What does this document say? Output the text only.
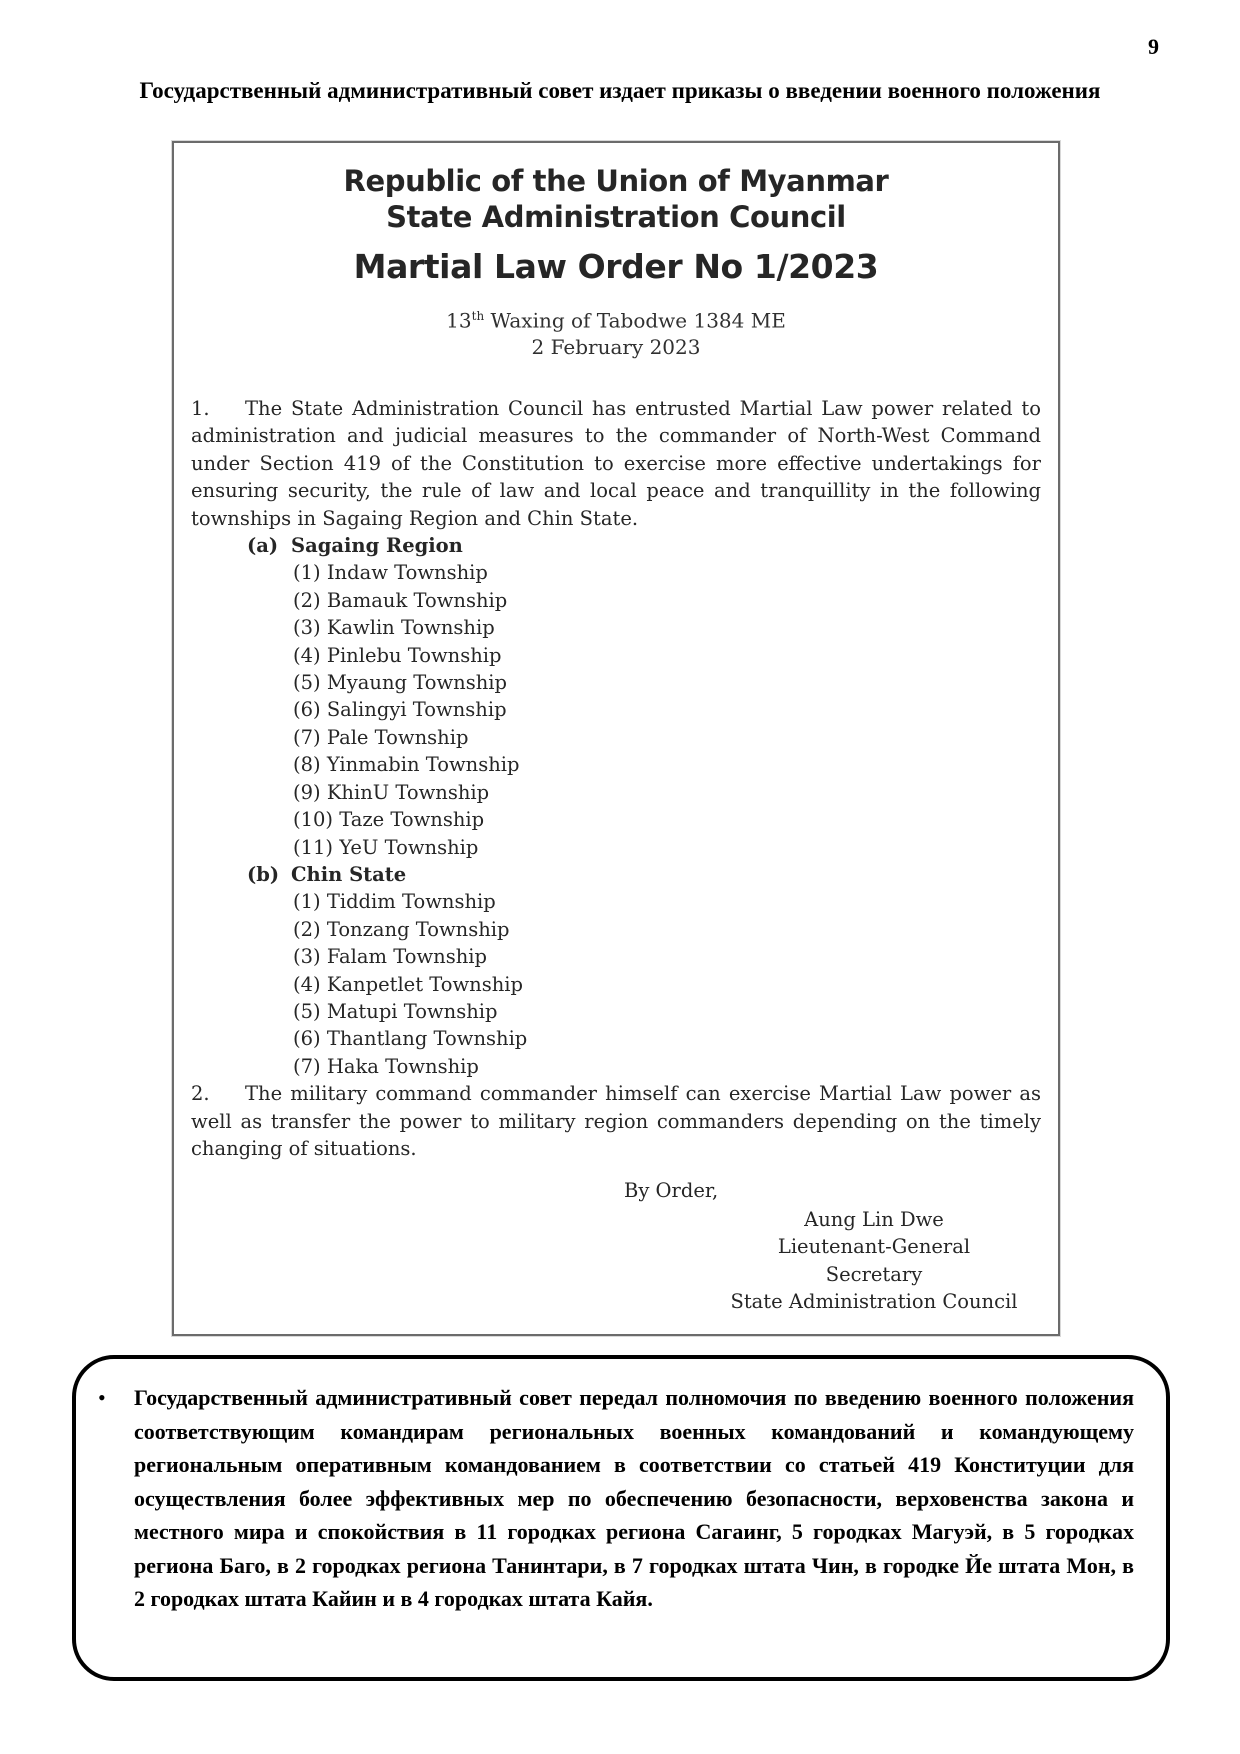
9
Государственный административный совет издает приказы о введении военного положения
Republic of the Union of Myanmar
State Administration Council
Martial Law Order No 1/2023
13th Waxing of Tabodwe 1384 ME
2 February 2023

1. The State Administration Council has entrusted Martial Law power related to administration and judicial measures to the commander of North-West Command under Section 419 of the Constitution to exercise more effective undertakings for ensuring security, the rule of law and local peace and tranquillity in the following townships in Sagaing Region and Chin State.

(a) Sagaing Region
(1) Indaw Township
(2) Bamauk Township
(3) Kawlin Township
(4) Pinlebu Township
(5) Myaung Township
(6) Salingyi Township
(7) Pale Township
(8) Yinmabin Township
(9) KhinU Township
(10) Taze Township
(11) YeU Township
(b) Chin State
(1) Tiddim Township
(2) Tonzang Township
(3) Falam Township
(4) Kanpetlet Township
(5) Matupi Township
(6) Thantlang Township
(7) Haka Township

2. The military command commander himself can exercise Martial Law power as well as transfer the power to military region commanders depending on the timely changing of situations.

By Order,
Aung Lin Dwe
Lieutenant-General
Secretary
State Administration Council
• Государственный административный совет передал полномочия по введению военного положения соответствующим командирам региональных военных командований и командующему региональным оперативным командованием в соответствии со статьей 419 Конституции для осуществления более эффективных мер по обеспечению безопасности, верховенства закона и местного мира и спокойствия в 11 городках региона Сагаинг, 5 городках Магуэй, в 5 городках региона Баго, в 2 городках региона Танинтари, в 7 городках штата Чин, в городке Йе штата Мон, в 2 городках штата Кайин и в 4 городках штата Кайя.
